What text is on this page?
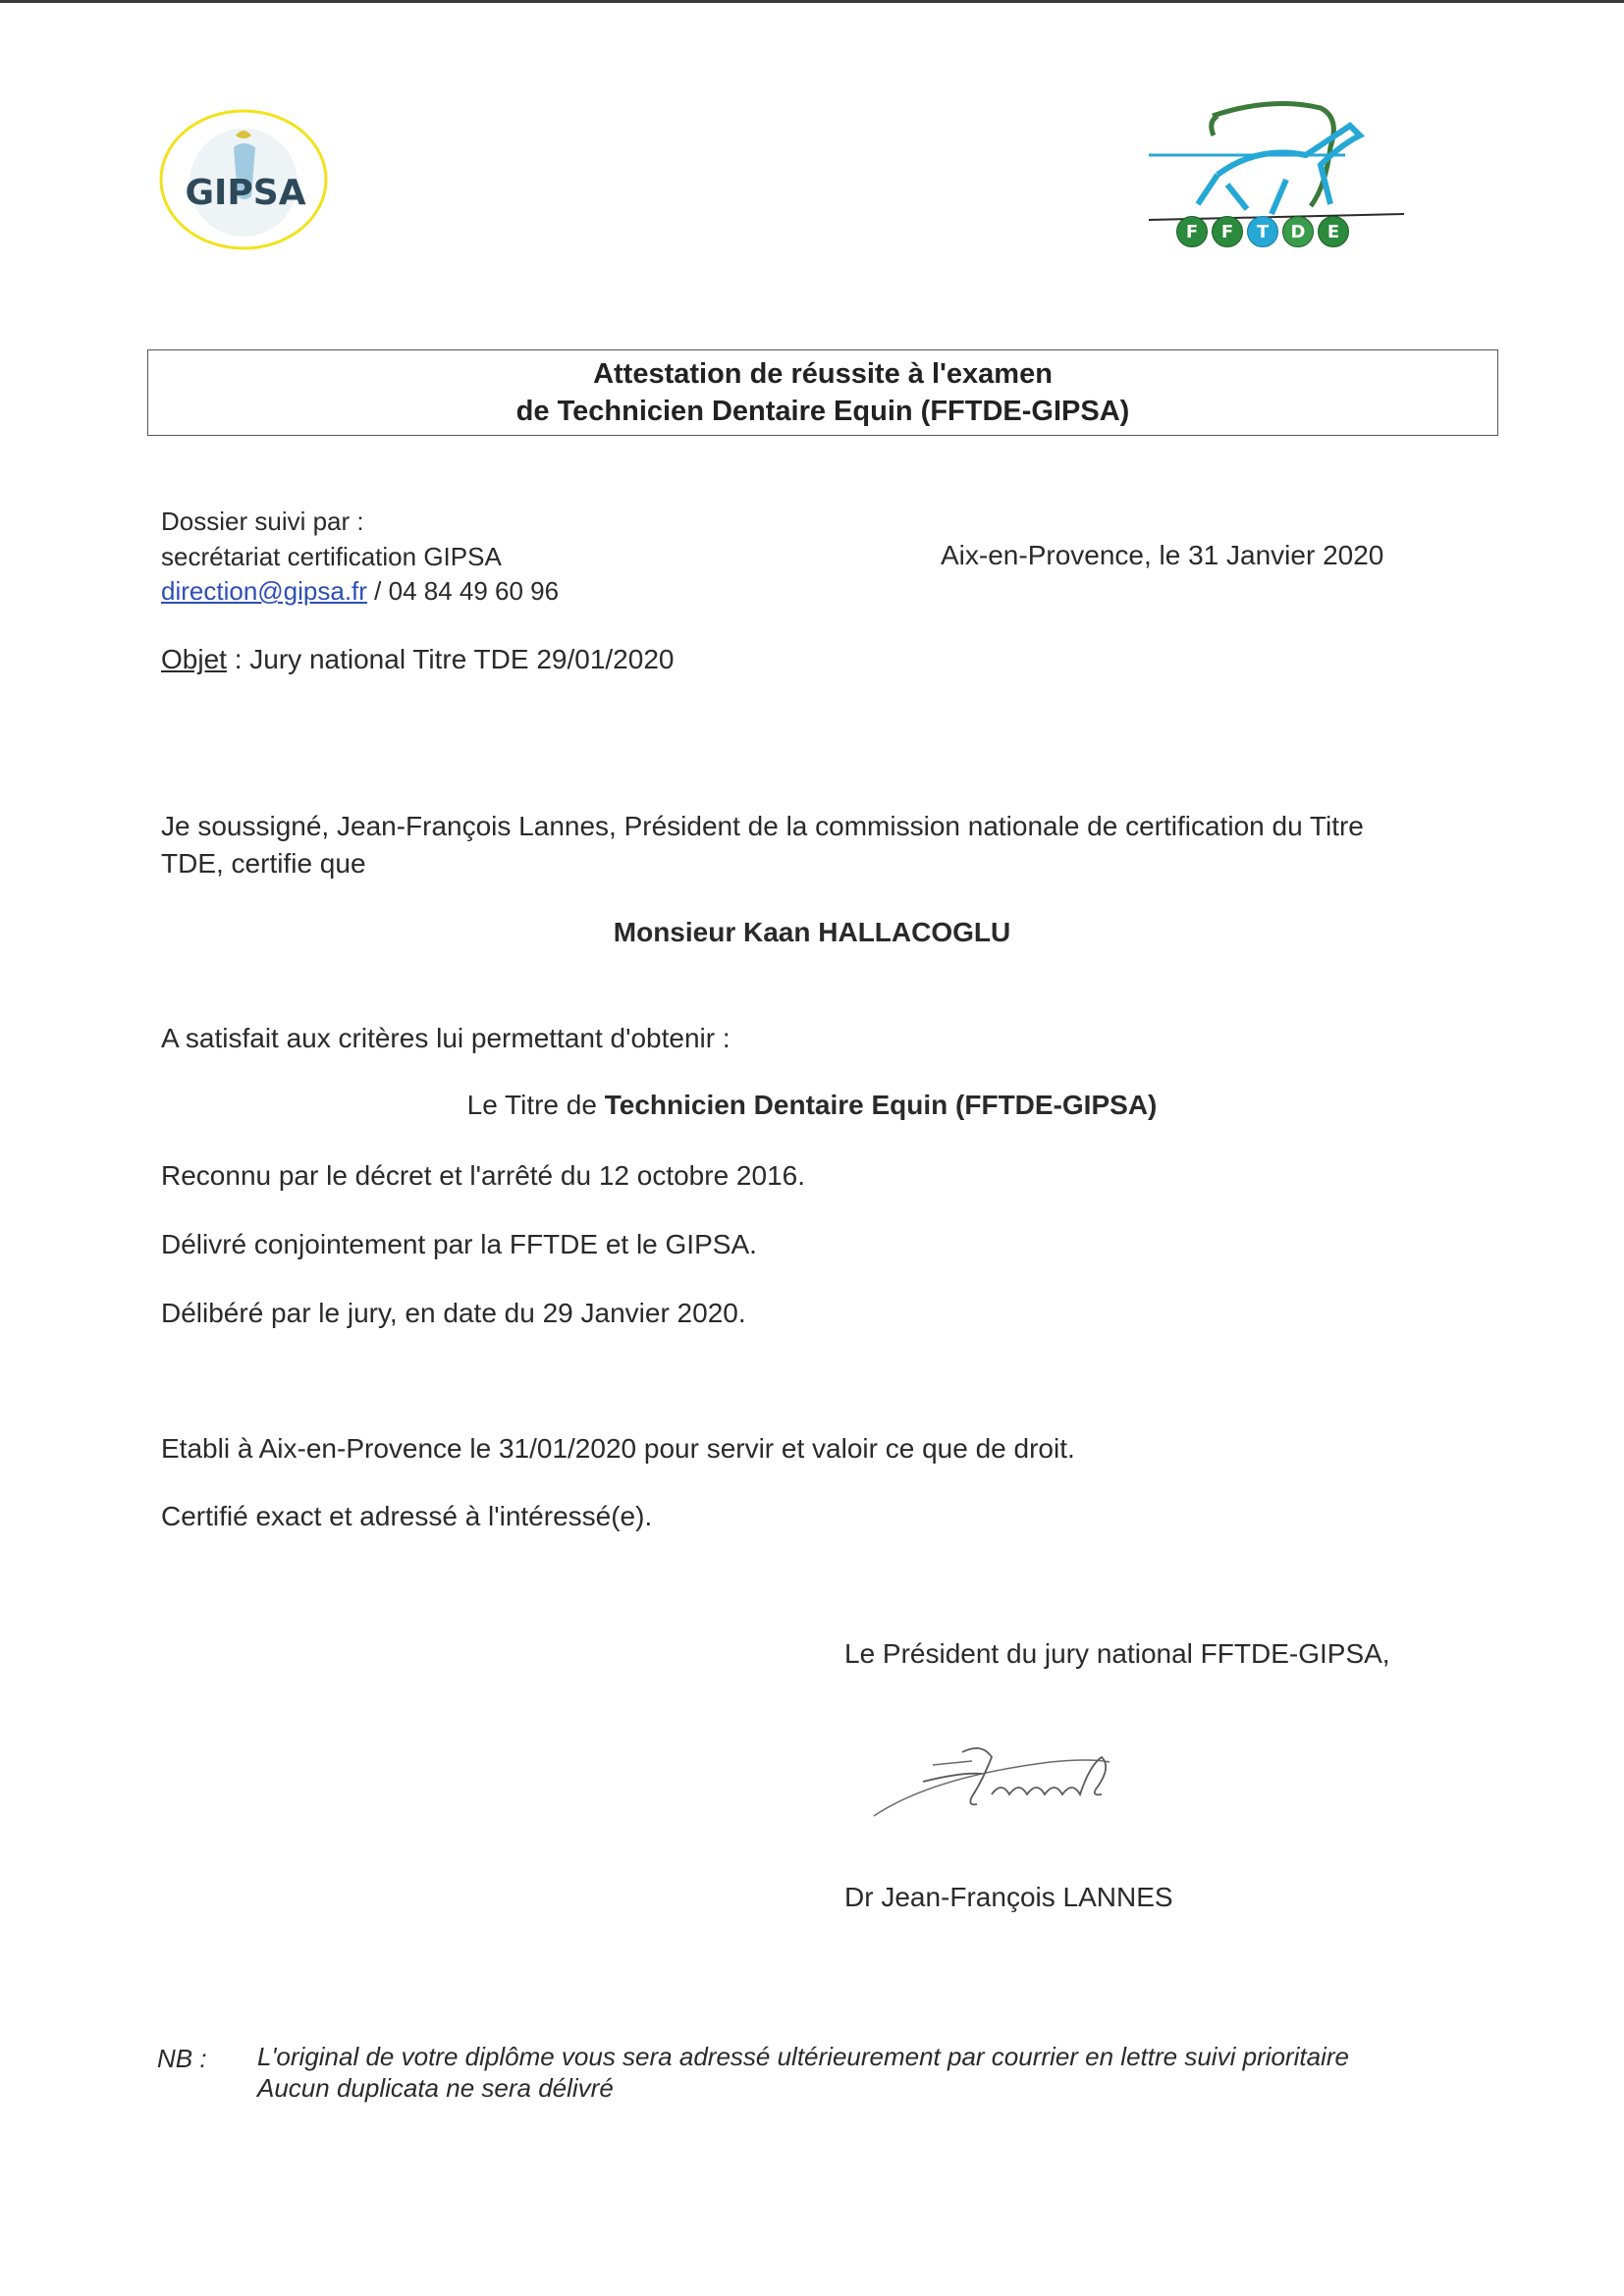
GIPSA
F	F	T	D	E
Attestation de réussite à l'examen
de Technicien Dentaire Equin (FFTDE-GIPSA)
Dossier suivi par :
secrétariat certification GIPSA
direction@gipsa.fr / 04 84 49 60 96
Aix-en-Provence, le 31 Janvier 2020
Objet : Jury national Titre TDE 29/01/2020
Je soussigné, Jean-François Lannes, Président de la commission nationale de certification du Titre
TDE, certifie que
Monsieur Kaan HALLACOGLU
A satisfait aux critères lui permettant d'obtenir :
Le Titre de Technicien Dentaire Equin (FFTDE-GIPSA)
Reconnu par le décret et l'arrêté du 12 octobre 2016.
Délivré conjointement par la FFTDE et le GIPSA.
Délibéré par le jury, en date du 29 Janvier 2020.
Etabli à Aix-en-Provence le 31/01/2020 pour servir et valoir ce que de droit.
Certifié exact et adressé à l'intéressé(e).
Le Président du jury national FFTDE-GIPSA,
Dr Jean-François LANNES
NB : L'original de votre diplôme vous sera adressé ultérieurement par courrier en lettre suivi prioritaire
Aucun duplicata ne sera délivré
